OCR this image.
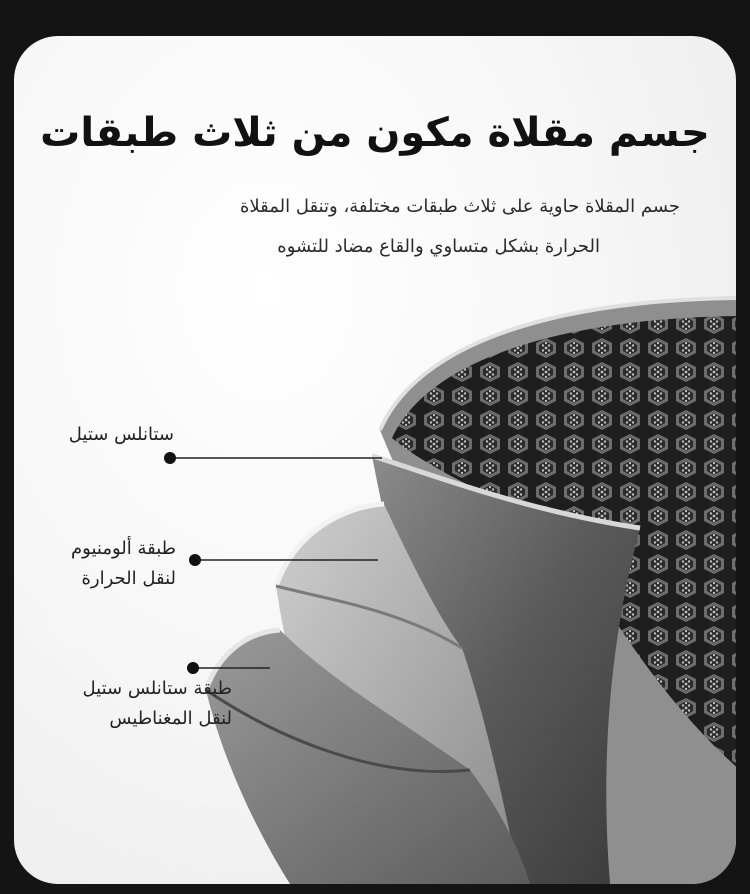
جسم مقلاة مكون من ثلاث طبقات
جسم المقلاة حاوية على ثلاث طبقات مختلفة، وتنقل المقلاة
الحرارة بشكل متساوي والقاع مضاد للتشوه
ستانلس ستيل
طبقة ألومنيوم
لنقل الحرارة
طبقة ستانلس ستيل
لنقل المغناطيس
